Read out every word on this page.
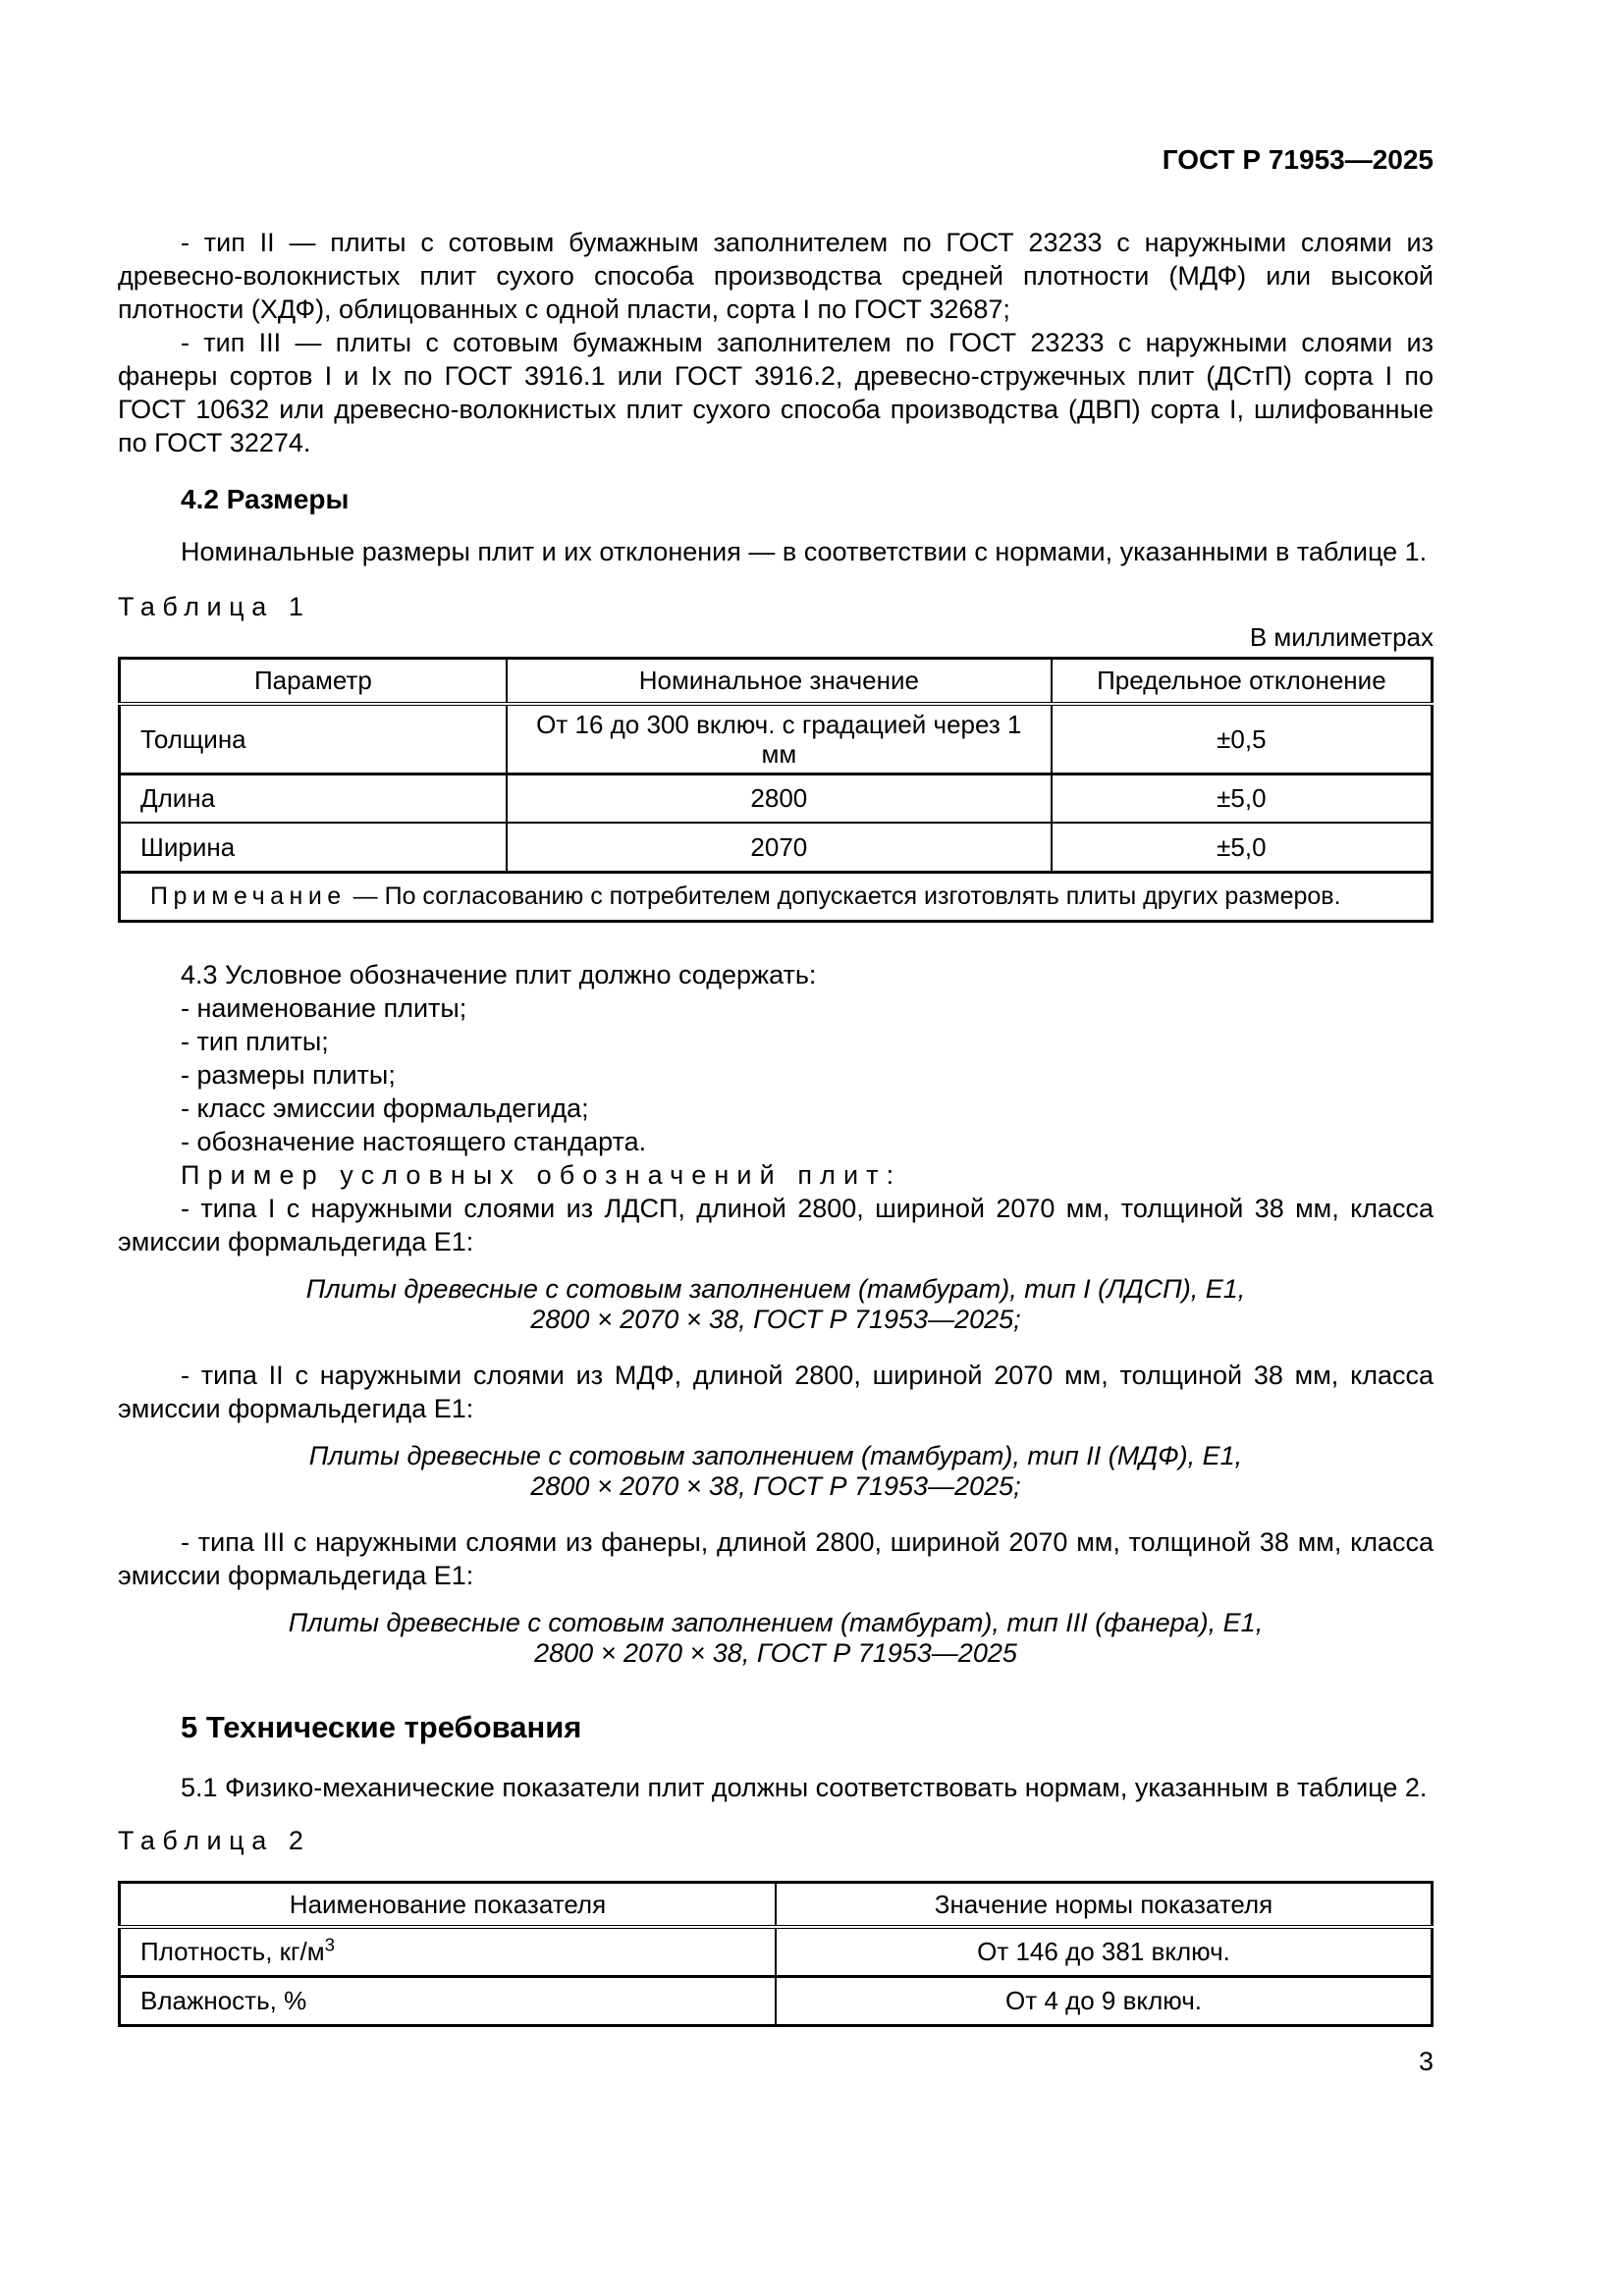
ГОСТ Р 71953—2025

- тип II — плиты с сотовым бумажным заполнителем по ГОСТ 23233 с наружными слоями из древесно-волокнистых плит сухого способа производства средней плотности (МДФ) или высокой плотности (ХДФ), облицованных с одной пласти, сорта I по ГОСТ 32687;

- тип III — плиты с сотовым бумажным заполнителем по ГОСТ 23233 с наружными слоями из фанеры сортов I и Iх по ГОСТ 3916.1 или ГОСТ 3916.2, древесно-стружечных плит (ДСтП) сорта I по ГОСТ 10632 или древесно-волокнистых плит сухого способа производства (ДВП) сорта I, шлифованные по ГОСТ 32274.

4.2 Размеры

Номинальные размеры плит и их отклонения — в соответствии с нормами, указанными в таблице 1.

Таблица 1
В миллиметрах
Параметр	Номинальное значение	Предельное отклонение
Толщина	От 16 до 300 включ. с градацией через 1 мм	±0,5
Длина	2800	±5,0
Ширина	2070	±5,0
Примечание — По согласованию с потребителем допускается изготовлять плиты других размеров.		

4.3 Условное обозначение плит должно содержать:

- наименование плиты;

- тип плиты;

- размеры плиты;

- класс эмиссии формальдегида;

- обозначение настоящего стандарта.

Пример условных обозначений плит:

- типа I с наружными слоями из ЛДСП, длиной 2800, шириной 2070 мм, толщиной 38 мм, класса эмиссии формальдегида Е1:

Плиты древесные с сотовым заполнением (тамбурат), тип I (ЛДСП), Е1,
2800 × 2070 × 38, ГОСТ Р 71953—2025;

- типа II с наружными слоями из МДФ, длиной 2800, шириной 2070 мм, толщиной 38 мм, класса эмиссии формальдегида Е1:

Плиты древесные с сотовым заполнением (тамбурат), тип II (МДФ), Е1,
2800 × 2070 × 38, ГОСТ Р 71953—2025;

- типа III с наружными слоями из фанеры, длиной 2800, шириной 2070 мм, толщиной 38 мм, класса эмиссии формальдегида Е1:

Плиты древесные с сотовым заполнением (тамбурат), тип III (фанера), Е1,
2800 × 2070 × 38, ГОСТ Р 71953—2025
5 Технические требования

5.1 Физико-механические показатели плит должны соответствовать нормам, указанным в таблице 2.

Таблица 2
Наименование показателя	Значение нормы показателя
Плотность, $кг/м^3$	От 146 до 381 включ.
Влажность, %	От 4 до 9 включ.
3
